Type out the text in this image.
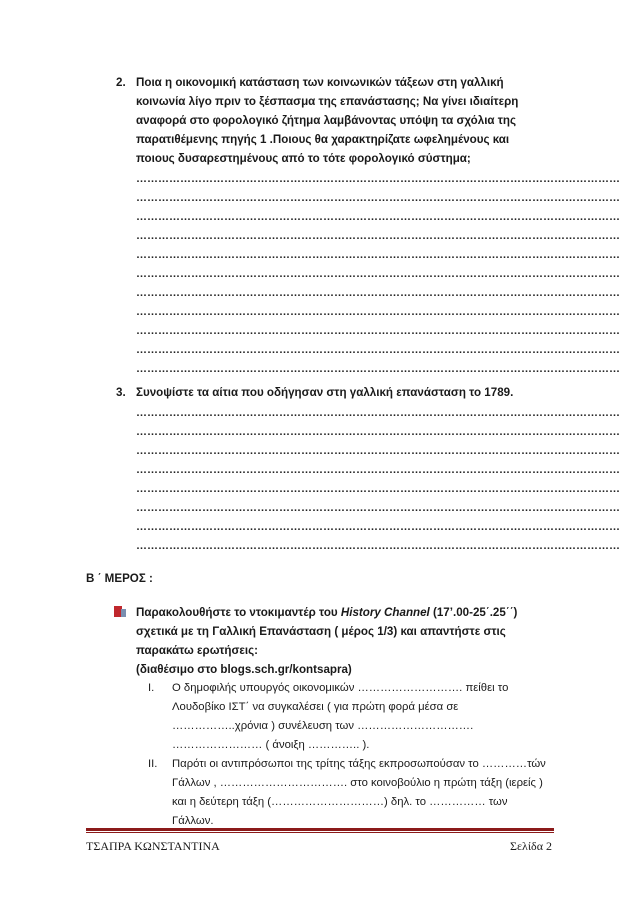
2. Ποια η οικονομική κατάσταση των κοινωνικών τάξεων στη γαλλική κοινωνία λίγο πριν το ξέσπασμα της επανάστασης; Να γίνει ιδιαίτερη αναφορά στο φορολογικό ζήτημα λαμβάνοντας υπόψη τα σχόλια της παρατιθέμενης πηγής 1 .Ποιους θα χαρακτηρίζατε ωφελημένους και ποιους δυσαρεστημένους από το τότε φορολογικό σύστημα;
……………………………………………………………………………………………………………………
……………………………………………………………………………………………………………………
……………………………………………………………………………………………………………………
……………………………………………………………………………………………………………………
……………………………………………………………………………………………………………………
……………………………………………………………………………………………………………………
……………………………………………………………………………………………………………………
……………………………………………………………………………………………………………………
……………………………………………………………………………………………………………………
……………………………………………………………………………………………………………………
……………………………………………………………………………………………………………………
3. Συνοψίστε τα αίτια που οδήγησαν στη γαλλική επανάσταση το 1789.
……………………………………………………………………………………………………………………
……………………………………………………………………………………………………………………
……………………………………………………………………………………………………………………
……………………………………………………………………………………………………………………
……………………………………………………………………………………………………………………
……………………………………………………………………………………………………………………
……………………………………………………………………………………………………………………
……………………………………………………………………………………………………………………
Β ΄ ΜΕΡΟΣ :
Παρακολουθήστε το ντοκιμαντέρ του History Channel (17’.00-25΄.25΄΄) σχετικά με τη Γαλλική Επανάσταση ( μέρος 1/3) και απαντήστε στις παρακάτω ερωτήσεις:
(διαθέσιμο στο blogs.sch.gr/kontsapra)
I. Ο δημοφιλής υπουργός οικονομικών ………………………. πείθει το Λουδοβίκο ΙΣΤ΄ να συγκαλέσει ( για πρώτη φορά μέσα σε ……………..χρόνια ) συνέλευση των …………………………. …………………… ( άνοιξη ………….. ).
II. Παρότι οι αντιπρόσωποι της τρίτης τάξης εκπροσωπούσαν το …………τών Γάλλων , ……………………………. στο κοινοβούλιο η πρώτη τάξη (ιερείς ) και η δεύτερη τάξη (…………………………) δηλ. το …………… των Γάλλων.
ΤΣΑΠΡΑ ΚΩΝΣΤΑΝΤΙΝΑ	Σελίδα 2
